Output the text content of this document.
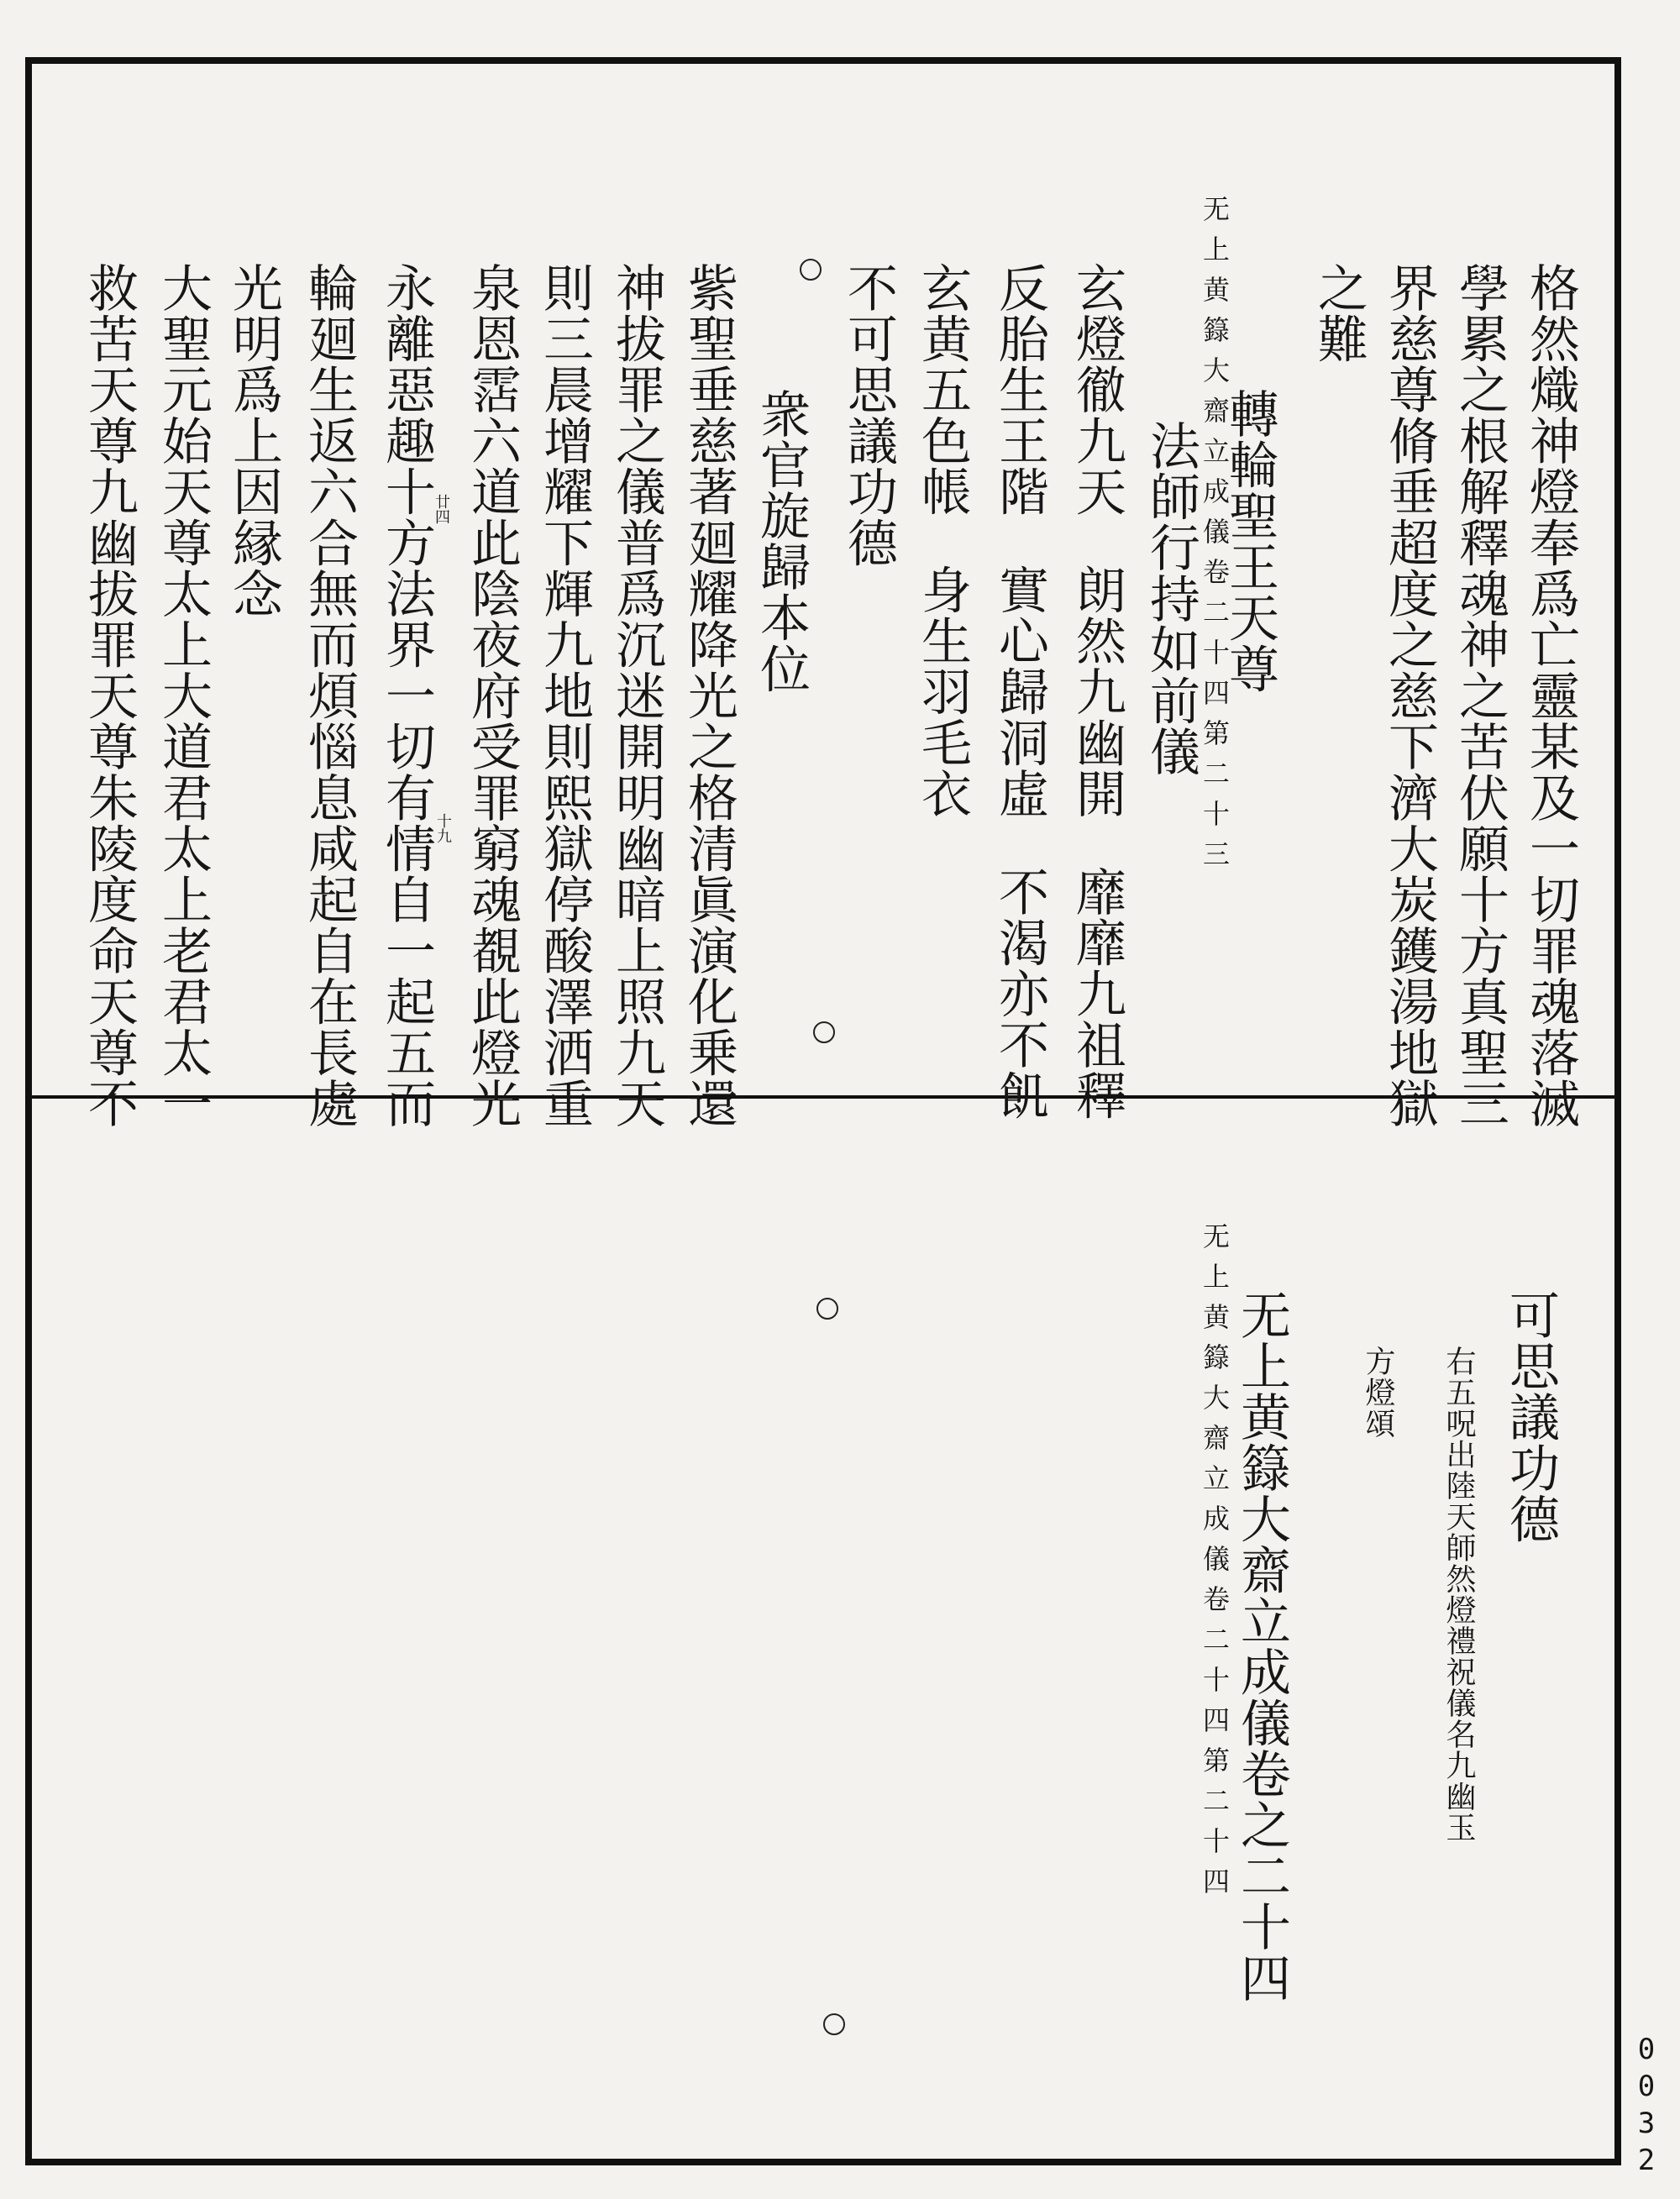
无上黄籙大齋立成儀卷二十四第二十三
无上黄籙大齋立成儀卷二十四第二十四
格然熾神燈奉爲亡靈某及一切罪魂落滅
學累之根解釋魂神之苦伏願十方真聖三
界慈尊脩垂超度之慈下濟大炭鑊湯地獄
之難
轉輪聖王天尊
法師行持如前儀
玄燈徹九天朗然九幽開靡靡九祖釋
反胎生王階實心歸洞虛不渴亦不飢
玄黄五色帳身生羽毛衣
不可思議功德
衆官旋歸本位
紫聖垂慈著廻耀降光之格清眞演化乗還
神拔罪之儀普爲沉迷開明幽暗上照九天
則三晨增耀下輝九地則熙獄停酸澤洒重
泉恩霑六道此陰夜府受罪窮魂覩此燈光
永離惡趣十方法界一切有情自一起五而
輪廻生返六合無而煩惱息咸起自在長處
光明爲上因縁念
大聖元始天尊太上大道君太上老君太一
救苦天尊九幽拔罪天尊朱陵度命天尊不	廿四
十九
可思議功德
右五呪出陸天師然燈禮祝儀名九幽玉
方燈頌
无上黄籙大齋立成儀卷之二十四
0032
